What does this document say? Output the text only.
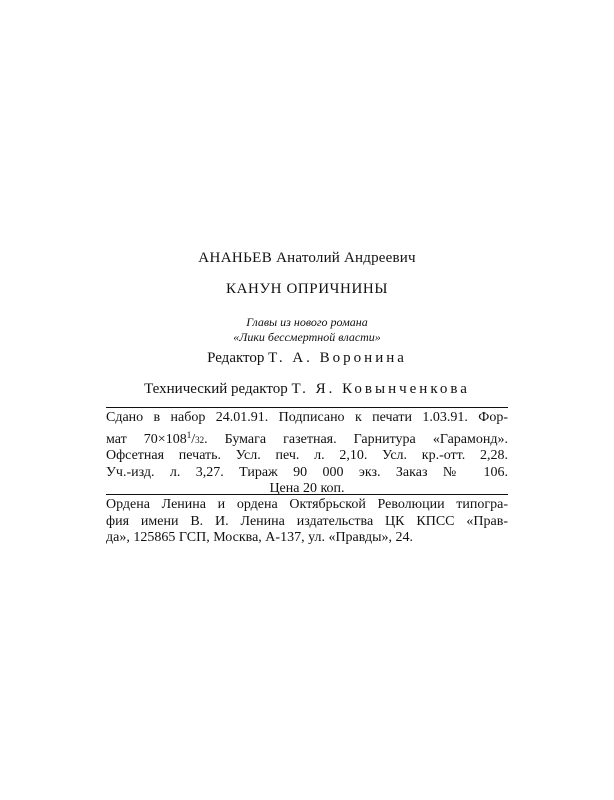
АНАНЬЕВ Анатолий Андреевич
КАНУН ОПРИЧНИНЫ
Главы из нового романа
«Лики бессмертной власти»
Редактор Т. А. Воронина
Технический редактор Т. Я. Ковынченкова
Сдано в набор 24.01.91. Подписано к печати 1.03.91. Фор-
мат $70\times 108^1/32$. Бумага газетная. Гарнитура «Гарамонд».
Офсетная печать. Усл. печ. л. 2,10. Усл. кр.-отт. 2,28.
Уч.-изд. л. 3,27. Тираж 90 000 экз. Заказ № 106.
Цена 20 коп.
Ордена Ленина и ордена Октябрьской Революции типогра-
фия имени В. И. Ленина издательства ЦК КПСС «Прав-
да», 125865 ГСП, Москва, А-137, ул. «Правды», 24.
